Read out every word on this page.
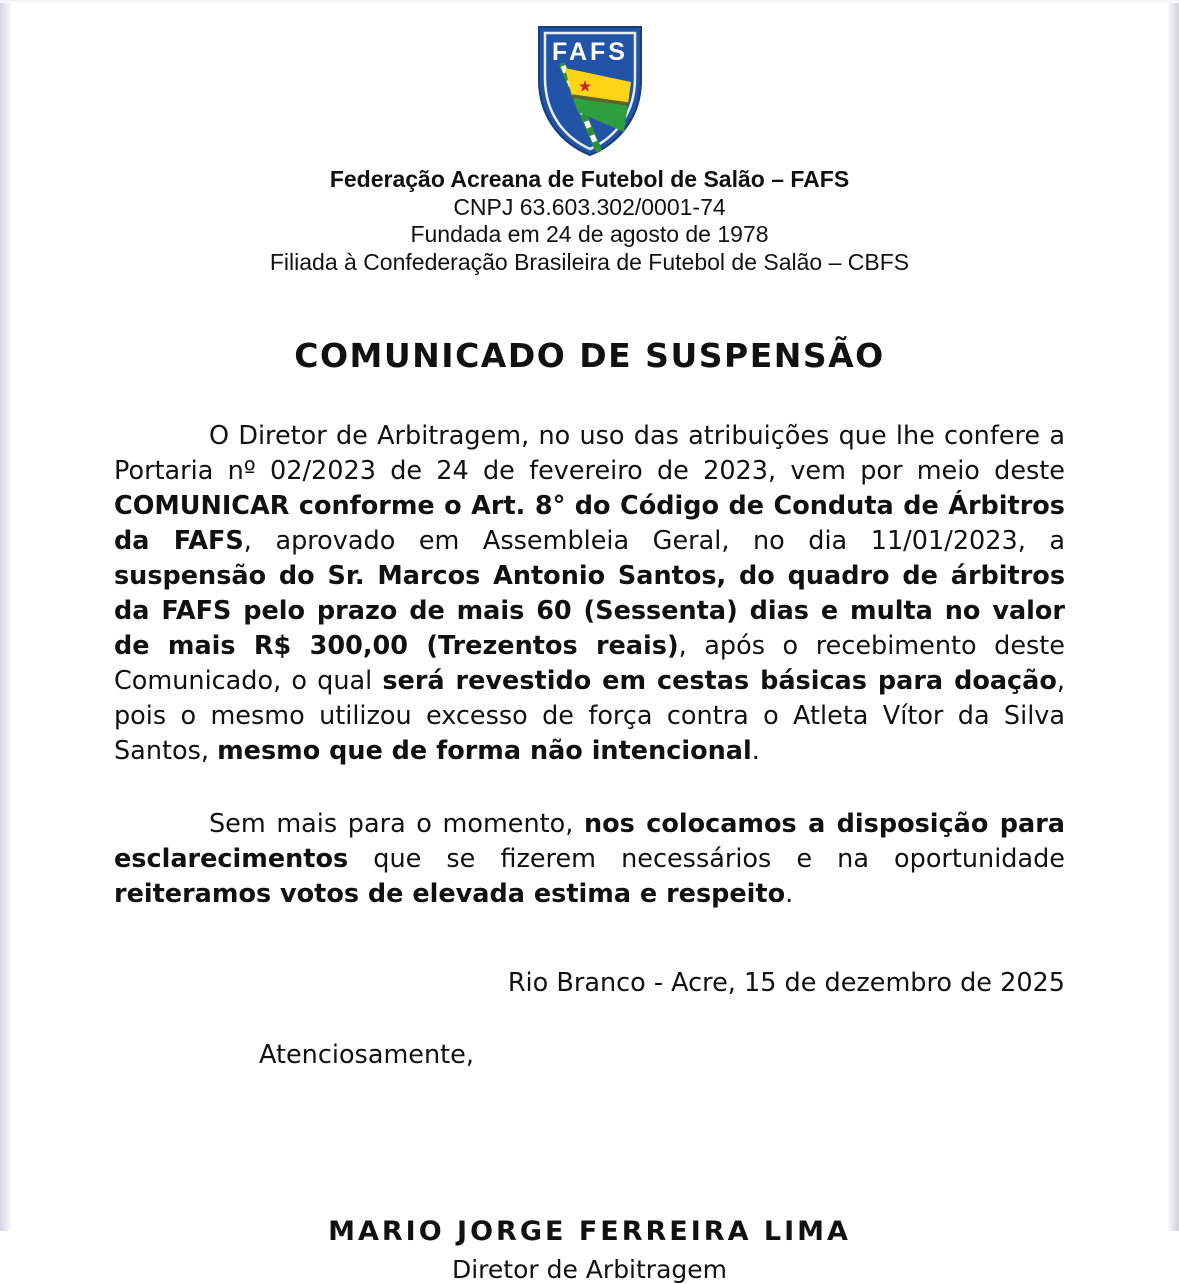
FAFS
★
Federação Acreana de Futebol de Salão – FAFS
CNPJ 63.603.302/0001-74
Fundada em 24 de agosto de 1978
Filiada à Confederação Brasileira de Futebol de Salão – CBFS
COMUNICADO DE SUSPENSÃO

O Diretor de Arbitragem, no uso das atribuições que lhe confere a Portaria nº 02/2023 de 24 de fevereiro de 2023, vem por meio deste COMUNICAR conforme o Art. 8° do Código de Conduta de Árbitros da FAFS, aprovado em Assembleia Geral, no dia 11/01/2023, a suspensão do Sr. Marcos Antonio Santos, do quadro de árbitros da FAFS pelo prazo de mais 60 (Sessenta) dias e multa no valor de mais R$ 300,00 (Trezentos reais), após o recebimento deste Comunicado, o qual será revestido em cestas básicas para doação, pois o mesmo utilizou excesso de força contra o Atleta Vítor da Silva Santos, mesmo que de forma não intencional.

Sem mais para o momento, nos colocamos a disposição para esclarecimentos que se fizerem necessários e na oportunidade reiteramos votos de elevada estima e respeito.

Rio Branco - Acre, 15 de dezembro de 2025
Atenciosamente,
MARIO JORGE FERREIRA LIMA
Diretor de Arbitragem
